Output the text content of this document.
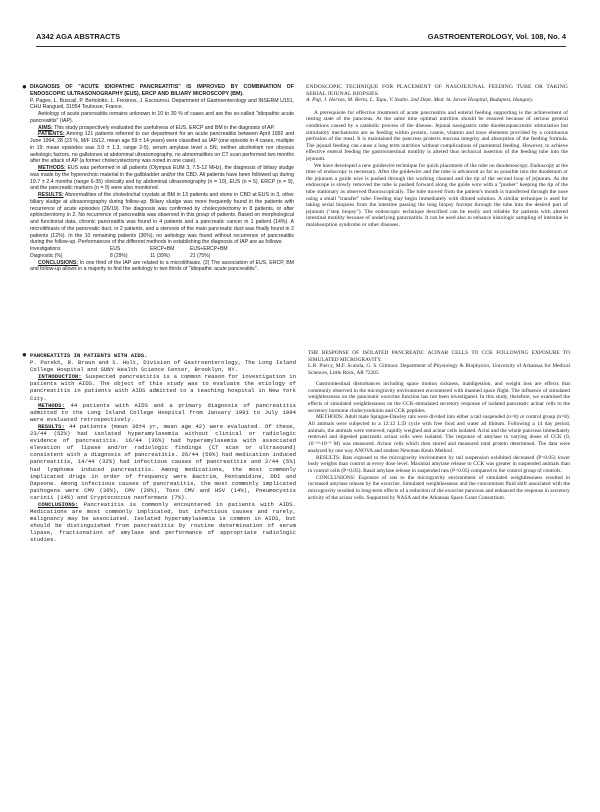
A342 AGA ABSTRACTS	GASTROENTEROLOGY, Vol. 108, No. 4
● DIAGNOSIS OF "ACUTE IDIOPATHIC PANCREATITIS" IS IMPROVED BY COMBINATION OF ENDOSCOPIC ULTRASONOGRAPHY (EUS), ERCP AND BILIARY MICROSCOPY (BM).
P. Pages, L. Buscail, P. Bertolotto, L. Frexinos, J. Escourrou. Department of Gastroenterology and INSERM U151, CHU Rangueil, 31054 Toulouse, France.

Aetiology of acute pancreatitis remains unknown in 10 to 30 % of cases and are the so-called "idiopathic acute pancreatitis" (IAP).

AIMS: This study prospectively evaluated the usefulness of EUS, ERCP and BM in the diagnosis of AP.

PATIENTS: Among 121 patients referred to our department for an acute pancreatitis between April 1992 and June 1994, 28 (23 %, M/F 16/12, mean age 59 ± 14 years) were classified as IAP (one episode in 4 cases, multiple in 19; mean episodes was 3.0 ± 1.3, range 2-5), serum amylase level ≥ 5N, neither alcoholism nor obvious aetiologic factors, no gallstones at abdominal ultrasonography, no abnormalities on CT scan performed two months after the attack of AP (a former cholecystectomy was noted in one case).

METHODS: EUS was performed in all patients (Olympus EUM 3, 7.5-12 MHz), the diagnosis of biliary sludge was made by the hyperechoic material in the gallbladder and/or the CBD. All patients have been followed up during 19.7 ± 2.4 months (range 6-35) clinically and by abdominal ultrasonography (n = 10), EUS (n = 5), ERCP (n = 9), and the pancreatic markers (n = 9) were also monitored.

RESULTS: Abnormalities of the choledochal crystals at BM in 13 patients and stone in CBD at EUS in 3, other biliary sludge at ultrasonography during follow-up. Biliary sludge was more frequently found in the patients with recurrence of acute episodes (26/19). The diagnosis was confirmed by cholecystectomy in 8 patients, or after sphincterotomy in 2. No recurrence of pancreatitis was observed in this group of patients. Based on morphological and functional data, chronic pancreatitis was found in 4 patients and a pancreatic cancer in 1 patient (14%). A microlithiasis of the pancreatic duct, in 2 patients, and a stenosis of the main pancreatic duct was finally found in 2 patients (12%). In the 10 remaining patients (36%), no aetiology was found without recurrence of pancreatitis during the follow-up. Performances of the different methods in establishing the diagnosis of IAP are as follows:

Investigations	EUS	ERCP+BM	EUS+ERCP+BM
Diagnostic (%)	8 (29%)	11 (39%)	21 (75%)

CONCLUSIONS: In one third of the IAP are related to a microlithiasis. (2) The association of EUS, ERCP, BM and follow-up allows in a majority to find the aetiology in two thirds of "idiopathic acute pancreatitis".

ENDOSCOPIC TECHNIQUE FOR PLACEMENT OF NASOJEJUNAL FEEDING TUBE OR TAKING SERIAL JEJUNAL BIOPSIES.
A. Pap, J. Hervas, M. Berta, L. Tapu, V. Szabo. 2nd Dept. Med. St. Istvan Hospital, Budapest, Hungary.

A prerequisite for effective treatment of acute pancreatitis and enteral feeding supporting is the achievement of resting state of the pancreas. At the same time optimal nutrition should be ensured because of serious general conditions caused by a catabolic process of the disease. Jejunal nasogastric tube duodenopancreatic stimulation but simulatory mechanisms are as feeding within protein, casein, vitamin and trace elements provided by a continuous perfusion of the meal. It is maintained the pancreas protects mucosa integrity and absorption of the feeding formula. The jejunal feeding can cause a long term nutrition without complications of parenteral feeding. However, to achieve effective enteral feeding the gastrointestinal motility is altered thus technical insertion of the feeding tube into the jejunum.

We have developed a new guidewire technique for quick placement of the tube on duodenoscopy. Endoscopy at the time of endoscopy is necessary. After the guidewire and the tube is advanced as far as possible into the duodenum or the jejunum a guide wire is pushed through the working channel and the tip of the second loop of jejunum. As the endoscope is slowly removed the tube is pushed forward along the guide wire with a "pusher" keeping the tip of the tube stationary as observed fluoroscopically. The tube moved from the patient's mouth is transferred through the nose using a small "transfer" tube. Feeding may begin immediately with diluted solution. A similar technique is used for taking serial biopsies from the intestine passing the long biopsy forceps through the tube into the desired part of jejunum ("step biopsy"). The endoscopic technique described can be easily and reliable for patients with altered intestinal motility because of underlying pancreatitis. It can be used also to enhance histologic sampling of intestine in malabsorption syndrome or other diseases.

● PANCREATITIS IN PATIENTS WITH AIDS.
P. Parekh, R. Braun and S. Holt, Division of Gastroenterology, The Long Island College Hospital and SUNY Health Science Center, Brooklyn, NY.

INTRODUCTION: Suspected pancreatitis is a common reason for investigation in patients with AIDS. The object of this study was to evaluate the etiology of pancreatitis in patients with AIDS admitted to a teaching hospital in New York City.

METHODS: 44 patients with AIDS and a primary diagnosis of pancreatitis admitted to the Long Island College Hospital from January 1991 to July 1994 were evaluated retrospectively.

RESULTS: 44 patients (mean 36±4 yr, mean age 42) were evaluated. Of these, 23/44 (52%) had isolated hyperamylasemia without clinical or radiologic evidence of pancreatitis. 16/44 (36%) had hyperamylasemia with associated elevation of lipase and/or radiologic findings (CT scan or ultrasound) consistent with a diagnosis of pancreatitis. 26/44 (59%) had medication induced pancreatitis, 14/44 (32%) had infectious causes of pancreatitis and 2/44 (5%) had lymphoma induced pancreatitis. Among medications, the most commonly implicated drugs in order of frequency were Bactrim, Pentamidine, DDI and Dapsone. Among infectious causes of pancreatitis, the most commonly implicated pathogens were CMV (36%), CMV (28%), Toxo CMV and HSV (14%), Pneumocystis carinii (14%) and Cryptococcus neoformans (7%).

CONCLUSIONS: Pancreatitis is commonly encountered in patients with AIDS. Medications are most commonly implicated, but infectious causes and rarely, malignancy may be associated. Isolated hyperamylasemia is common in AIDS, but should be distinguished from pancreatitis by routine determination of serum lipase, fractionation of amylase and performance of appropriate radiologic studies.

THE RESPONSE OF ISOLATED PANCREATIC ACINAR CELLS TO CCK FOLLOWING EXPOSURE TO SIMULATED MICROGRAVITY.
L.R. Piercy, M.F. Scaiola, G. S. Gilmour. Department of Physiology & Biophysics, University of Arkansas for Medical Sciences, Little Rock, AR 72205

Gastrointestinal disturbances including space motion sickness, maldigestion, and weight loss are effects that commonly observed in the microgravity environment encountered with manned space flight. The influence of simulated weightlessness on the pancreatic exocrine function has not been investigated. In this study, therefore, we examined the effects of simulated weightlessness on the CCK-stimulated secretory response of isolated pancreatic acinar cells to the secretory hormone cholecystokinin and CCK peptides.

METHODS: Adult male Sprague-Dawley rats were divided into either a tail suspended (n=8) or control group (n=8). All animals were subjected to a 12:12 L:D cycle with free food and water ad libitum. Following a 14 day period, animals, the animals were removed, rapidly weighed and acinar cells isolated. Acini and the whole pancreas immediately removed and digested pancreatic acinar cells were isolated. The response of amylase to varying doses of CCK (0, 10⁻¹³-10⁻⁹ M) was measured. Acinar cells which then stored and measured total protein determined. The data were analyzed by one way ANOVA and student Newman Keuls Method.

RESULTS: Rats exposed to the microgravity environment by tail suspension exhibited decreased (P<0.05) lower body weights than control at every dose level. Maximal amylase release to CCK was greater in suspended animals than in control cells (P<0.05). Basal amylase release in suspended rats (P<0.05) compared to the control group of controls.

CONCLUSIONS: Exposure of rats to the microgravity environment of simulated weightlessness resulted in increased amylase release by the exocrine. Simulated weightlessness and the concomitant fluid shift associated with the microgravity resulted in long-term effects of a reduction of the exocrine pancreas and enhanced the response in secretory activity of the acinar cells. Supported by NASA and the Arkansas Space Grant Consortium.
